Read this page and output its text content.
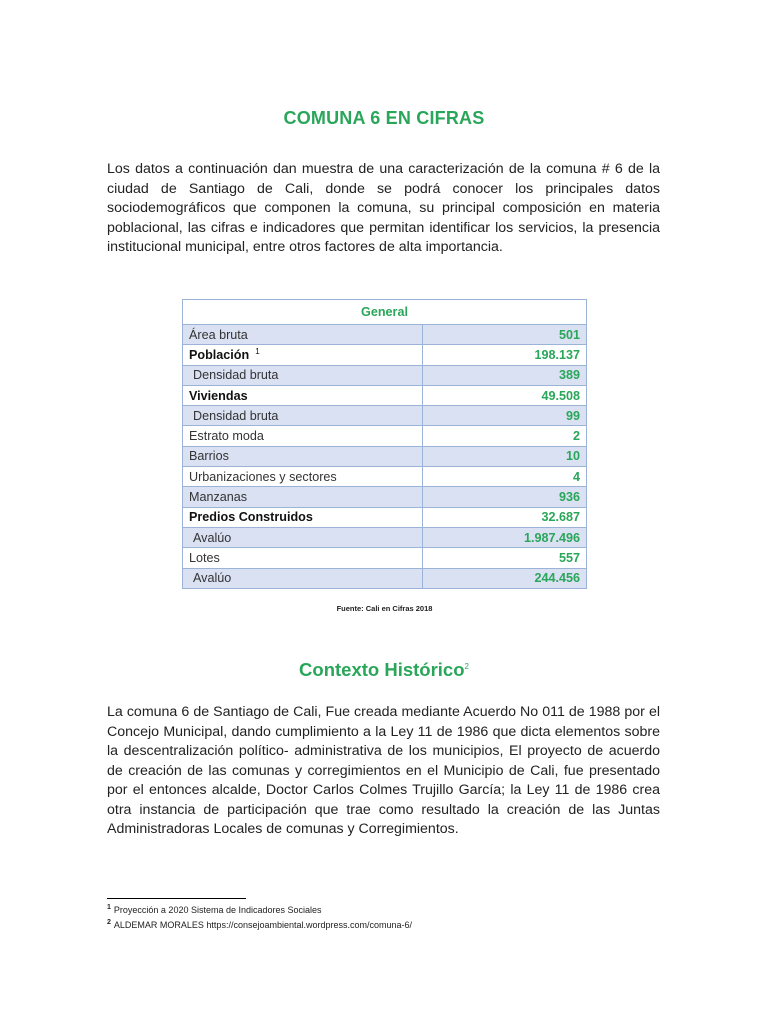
COMUNA 6 EN CIFRAS
Los datos a continuación dan muestra de una caracterización de la comuna # 6 de la ciudad de Santiago de Cali, donde se podrá conocer los principales datos sociodemográficos que componen la comuna, su principal composición en materia poblacional, las cifras e indicadores que permitan identificar los servicios, la presencia institucional municipal, entre otros factores de alta importancia.
General	
Área bruta	501
Población $^1$	198.137
Densidad bruta	389
Viviendas	49.508
Densidad bruta	99
Estrato moda	2
Barrios	10
Urbanizaciones y sectores	4
Manzanas	936
Predios Construidos	32.687
Avalúo	1.987.496
Lotes	557
Avalúo	244.456
Fuente: Cali en Cifras 2018
Contexto Histórico$^2$
La comuna 6 de Santiago de Cali, Fue creada mediante Acuerdo No 011 de 1988 por el Concejo Municipal, dando cumplimiento a la Ley 11 de 1986 que dicta elementos sobre la descentralización político- administrativa de los municipios, El proyecto de acuerdo de creación de las comunas y corregimientos en el Municipio de Cali, fue presentado por el entonces alcalde, Doctor Carlos Colmes Trujillo García; la Ley 11 de 1986 crea otra instancia de participación que trae como resultado la creación de las Juntas Administradoras Locales de comunas y Corregimientos.
$^1$ Proyección a 2020 Sistema de Indicadores Sociales
$^2$ ALDEMAR MORALES https://consejoambiental.wordpress.com/comuna-6/
